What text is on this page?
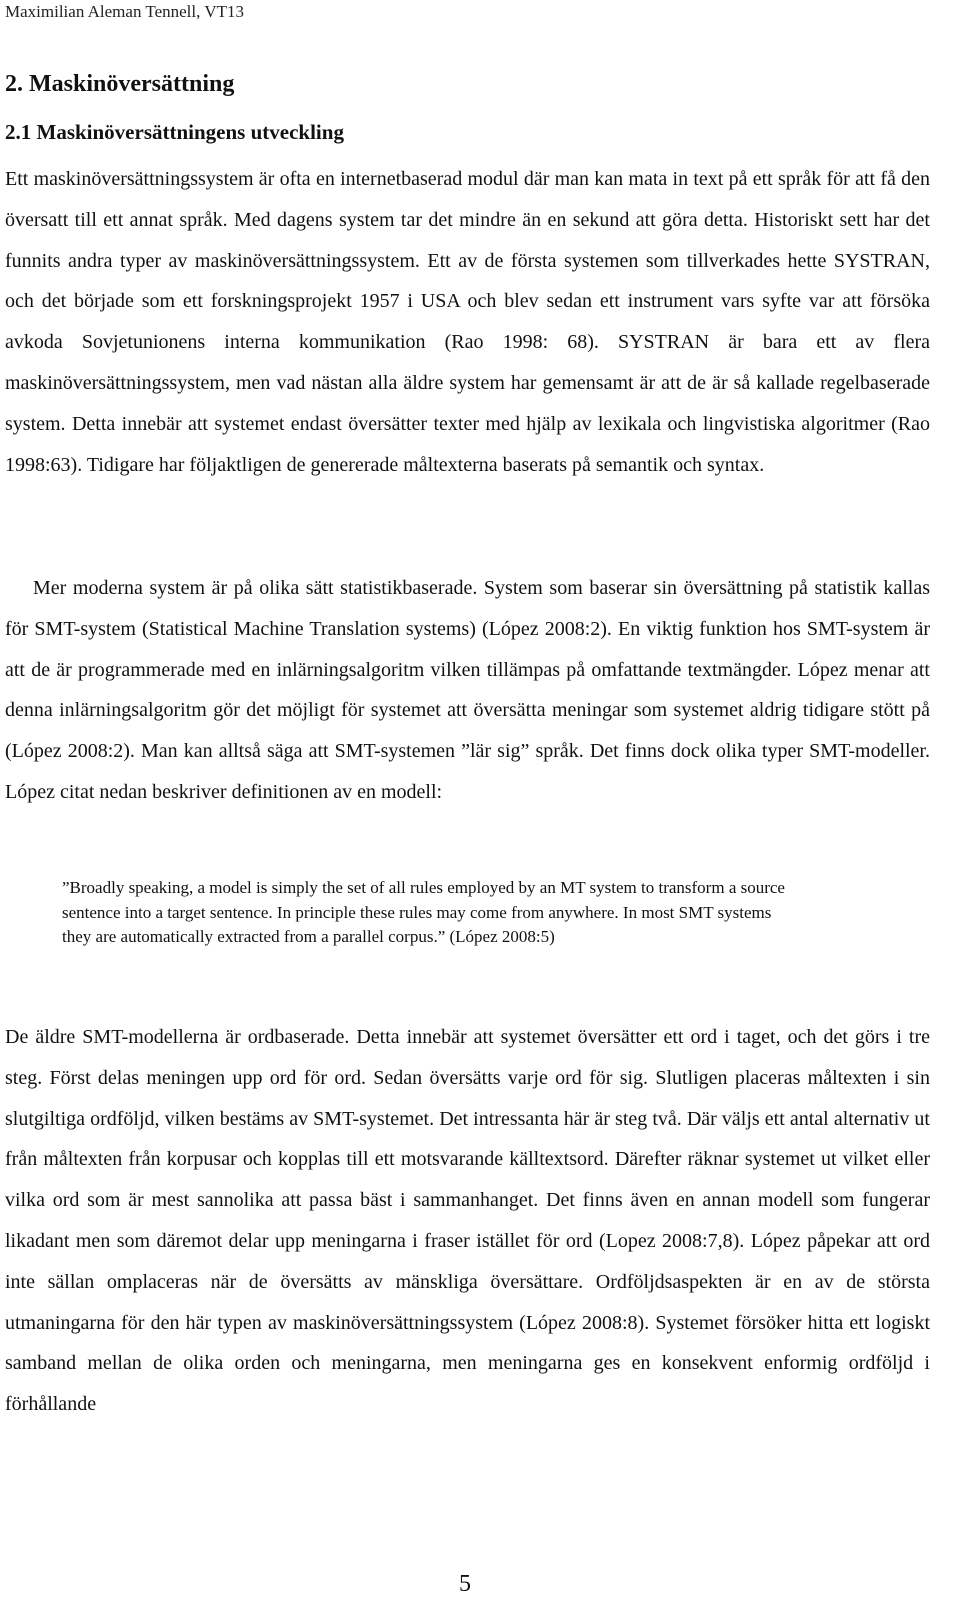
Maximilian Aleman Tennell, VT13
2. Maskinöversättning
2.1 Maskinöversättningens utveckling

Ett maskinöversättningssystem är ofta en internetbaserad modul där man kan mata in text på ett språk för att få den översatt till ett annat språk. Med dagens system tar det mindre än en sekund att göra detta. Historiskt sett har det funnits andra typer av maskinöversättningssystem. Ett av de första systemen som tillverkades hette SYSTRAN, och det började som ett forskningsprojekt 1957 i USA och blev sedan ett instrument vars syfte var att försöka avkoda Sovjetunionens interna kommunikation (Rao 1998: 68). SYSTRAN är bara ett av flera maskinöversättningssystem, men vad nästan alla äldre system har gemensamt är att de är så kallade regelbaserade system. Detta innebär att systemet endast översätter texter med hjälp av lexikala och lingvistiska algoritmer (Rao 1998:63). Tidigare har följaktligen de genererade måltexterna baserats på semantik och syntax.

Mer moderna system är på olika sätt statistikbaserade. System som baserar sin översättning på statistik kallas för SMT-system (Statistical Machine Translation systems) (López 2008:2). En viktig funktion hos SMT-system är att de är programmerade med en inlärningsalgoritm vilken tillämpas på omfattande textmängder. López menar att denna inlärningsalgoritm gör det möjligt för systemet att översätta meningar som systemet aldrig tidigare stött på (López 2008:2). Man kan alltså säga att SMT-systemen ”lär sig” språk. Det finns dock olika typer SMT-modeller. López citat nedan beskriver definitionen av en modell:

”Broadly speaking, a model is simply the set of all rules employed by an MT system to transform a source sentence into a target sentence. In principle these rules may come from anywhere. In most SMT systems they are automatically extracted from a parallel corpus.” (López 2008:5)

De äldre SMT-modellerna är ordbaserade. Detta innebär att systemet översätter ett ord i taget, och det görs i tre steg. Först delas meningen upp ord för ord. Sedan översätts varje ord för sig. Slutligen placeras måltexten i sin slutgiltiga ordföljd, vilken bestäms av SMT-systemet. Det intressanta här är steg två. Där väljs ett antal alternativ ut från måltexten från korpusar och kopplas till ett motsvarande källtextsord. Därefter räknar systemet ut vilket eller vilka ord som är mest sannolika att passa bäst i sammanhanget. Det finns även en annan modell som fungerar likadant men som däremot delar upp meningarna i fraser istället för ord (Lopez 2008:7,8). López påpekar att ord inte sällan omplaceras när de översätts av mänskliga översättare. Ordföljdsaspekten är en av de största utmaningarna för den här typen av maskinöversättningssystem (López 2008:8). Systemet försöker hitta ett logiskt samband mellan de olika orden och meningarna, men meningarna ges en konsekvent enformig ordföljd i förhållande

5
